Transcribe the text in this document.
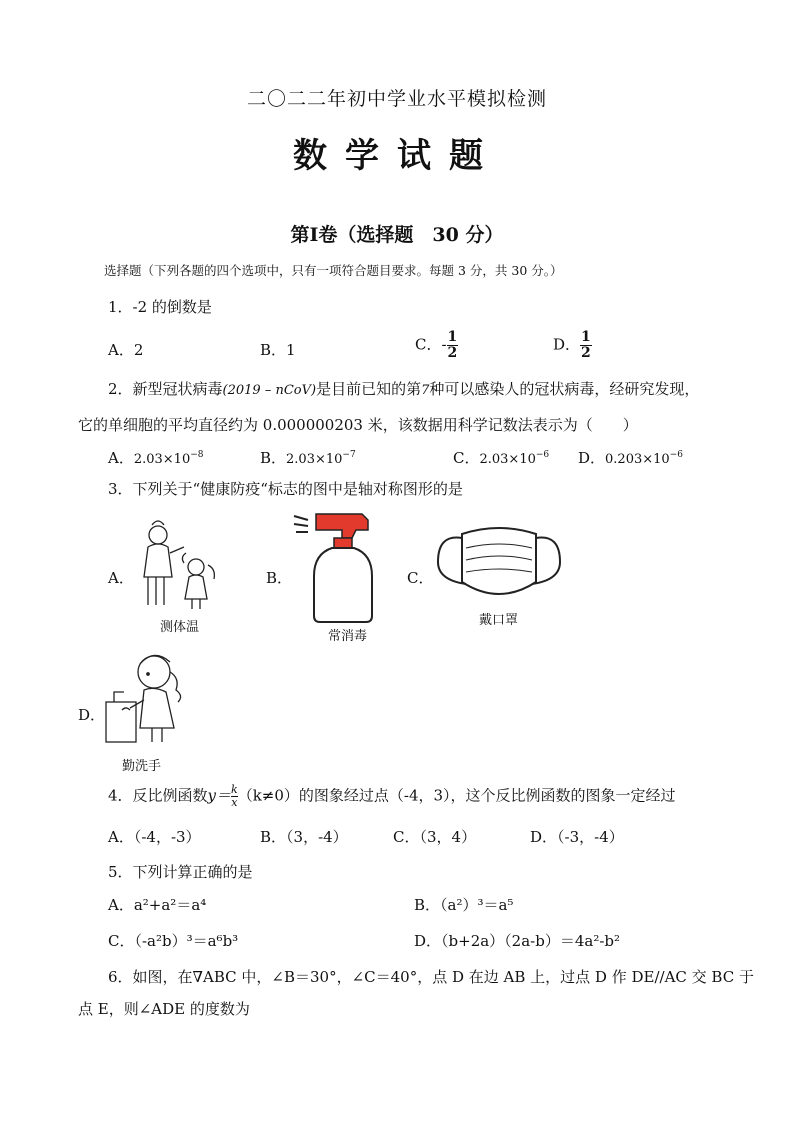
二〇二二年初中学业水平模拟检测
数学试题
第Ⅰ卷（选择题　30 分）
选择题（下列各题的四个选项中，只有一项符合题目要求。每题 3 分，共 30 分。）
1．-2 的倒数是
A．2	B．1	C．- $\frac{1}{2}$	D． $\frac{1}{2}$
2．新型冠状病毒(2019 – nCoV)是目前已知的第7种可以感染人的冠状病毒，经研究发现，
它的单细胞的平均直径约为 0.000000203 米，该数据用科学记数法表示为（　　）
A．$2.03\times 10^{-8}$	B．$2.03\times 10^{-7}$	C．$2.03\times 10^{-6}$ D．$0.203\times 10^{-6}$
3．下列关于“健康防疫“标志的图中是轴对称图形的是
A．
测体温
B．
常消毒
C．
戴口罩
D．
勤洗手
4．反比例函数$y= \frac{k}{x} (k\ne 0)$的图象经过点（-4，3），这个反比例函数的图象一定经过
A．（-4，-3）	B．（3，-4）	C．（3，4）	D．（-3，-4）
5．下列计算正确的是
A．a²+a²＝a⁴	B．（a²）³＝a⁵
C．（-a²b）³＝a⁶b³	D．（b+2a）（2a-b）＝4a²-b²
6．如图，在∇ABC 中，∠B＝30°，∠C＝40°，点 D 在边 AB 上，过点 D 作 DE//AC 交 BC 于
点 E，则∠ADE 的度数为
